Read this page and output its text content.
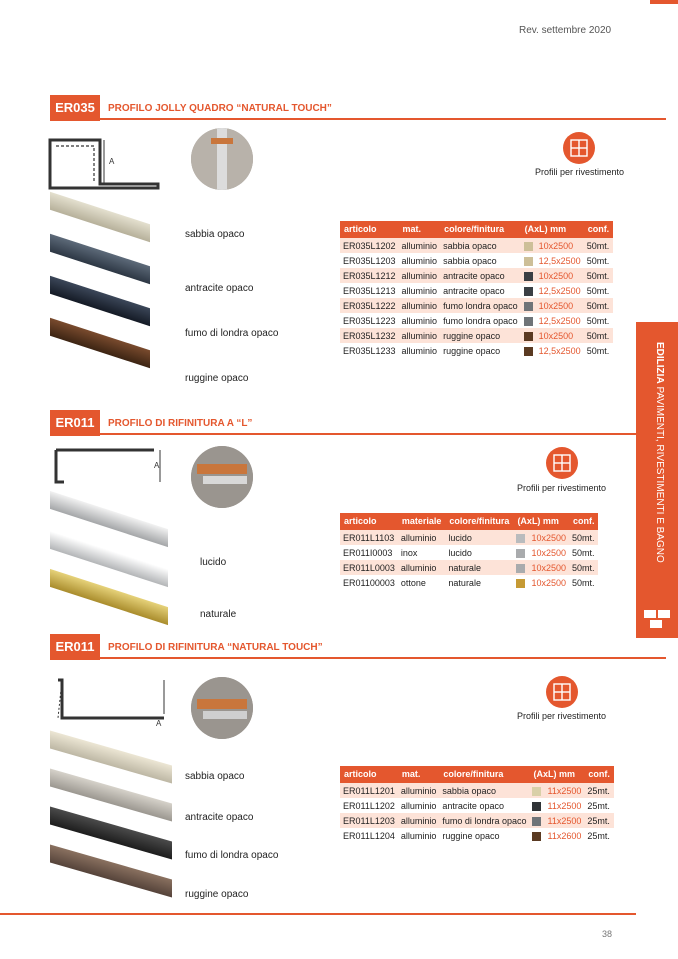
Rev. settembre 2020
ER035	PROFILO JOLLY QUADRO “NATURAL TOUCH”
A
Profili per rivestimento
sabbia opaco
antracite opaco
fumo di londra opaco
ruggine opaco
articolo	mat.	colore/finitura	(AxL) mm		conf.
ER035L1202	alluminio	sabbia opaco		10x2500	50mt.
ER035L1203	alluminio	sabbia opaco		12,5x2500	50mt.
ER035L1212	alluminio	antracite opaco		10x2500	50mt.
ER035L1213	alluminio	antracite opaco		12,5x2500	50mt.
ER035L1222	alluminio	fumo londra opaco		10x2500	50mt.
ER035L1223	alluminio	fumo londra opaco		12,5x2500	50mt.
ER035L1232	alluminio	ruggine opaco		10x2500	50mt.
ER035L1233	alluminio	ruggine opaco		12,5x2500	50mt.
ER011	PROFILO DI RIFINITURA A “L”
A
Profili per rivestimento
lucido
naturale
articolo	materiale	colore/finitura	(AxL) mm		conf.
ER011L1103	alluminio	lucido		10x2500	50mt.
ER011I0003	inox	lucido		10x2500	50mt.
ER011L0003	alluminio	naturale		10x2500	50mt.
ER01100003	ottone	naturale		10x2500	50mt.
ER011	PROFILO DI RIFINITURA “NATURAL TOUCH”
A
Profili per rivestimento
sabbia opaco
antracite opaco
fumo di londra opaco
ruggine opaco
articolo	mat.	colore/finitura	(AxL) mm		conf.
ER011L1201	alluminio	sabbia opaco		11x2500	25mt.
ER011L1202	alluminio	antracite opaco		11x2500	25mt.
ER011L1203	alluminio	fumo di londra opaco		11x2500	25mt.
ER011L1204	alluminio	ruggine opaco		11x2600	25mt.
EDILIZIA PAVIMENTI, RIVESTIMENTI E BAGNO
38
